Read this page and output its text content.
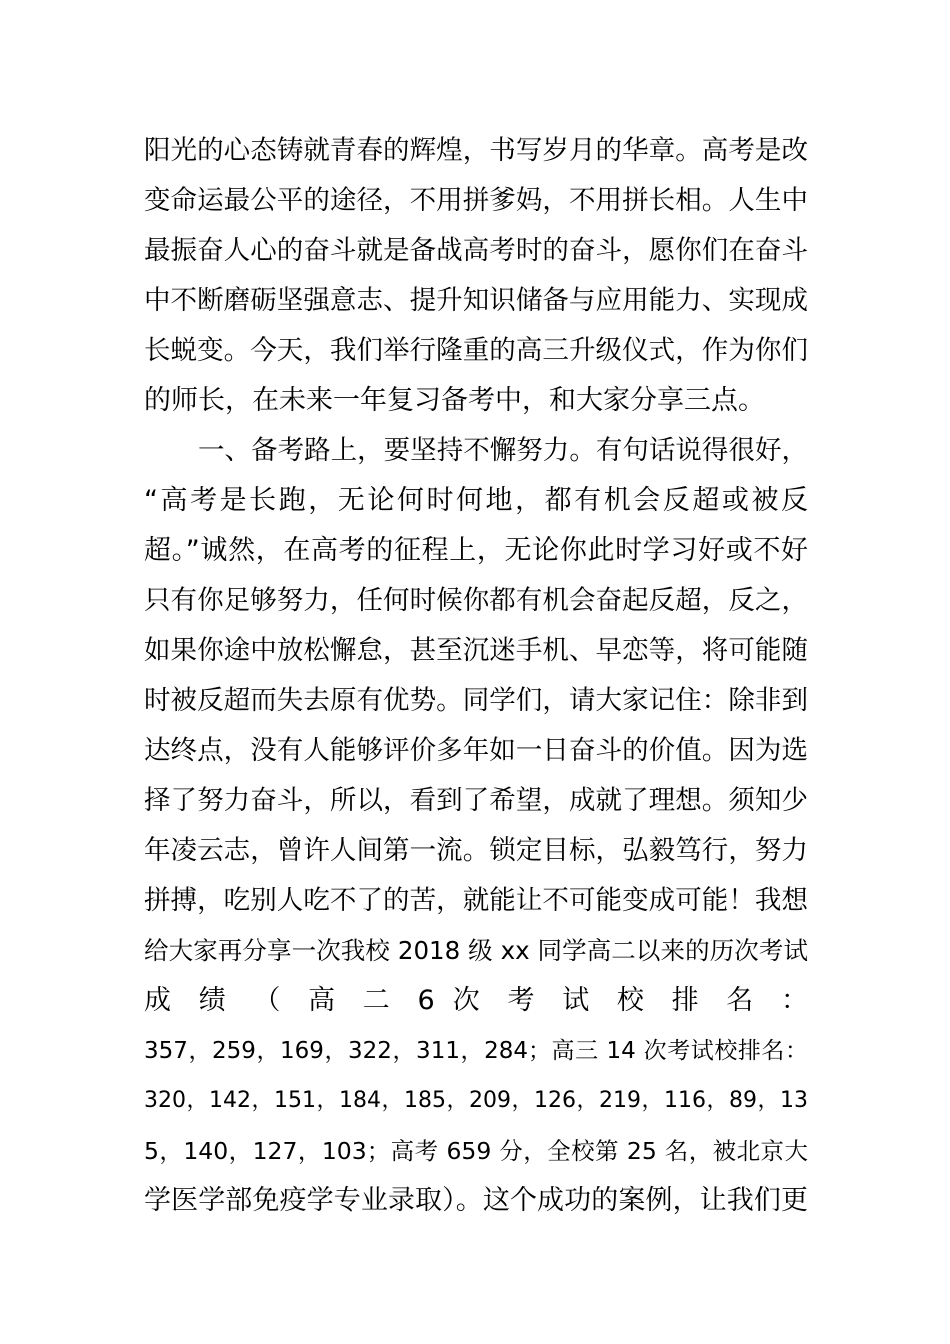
阳光的心态铸就青春的辉煌，书写岁月的华章。高考是改
变命运最公平的途径，不用拼爹妈，不用拼长相。人生中
最振奋人心的奋斗就是备战高考时的奋斗，愿你们在奋斗
中不断磨砺坚强意志、提升知识储备与应用能力、实现成
长蜕变。今天，我们举行隆重的高三升级仪式，作为你们
的师长，在未来一年复习备考中，和大家分享三点。
一、备考路上，要坚持不懈努力。有句话说得很好，
“高考是长跑，无论何时何地，都有机会反超或被反
超。”诚然，在高考的征程上，无论你此时学习好或不好
只有你足够努力，任何时候你都有机会奋起反超，反之，
如果你途中放松懈怠，甚至沉迷手机、早恋等，将可能随
时被反超而失去原有优势。同学们，请大家记住：除非到
达终点，没有人能够评价多年如一日奋斗的价值。因为选
择了努力奋斗，所以，看到了希望，成就了理想。须知少
年凌云志，曾许人间第一流。锁定目标，弘毅笃行，努力
拼搏，吃别人吃不了的苦，就能让不可能变成可能！我想
给大家再分享一次我校 2018 级 xx 同学高二以来的历次考试
成 绩 （ 高 二 6 次 考 试 校 排 名 ：
357，259，169，322，311，284；高三 14 次考试校排名：
320，142，151，184，185，209，126，219，116，89，13
5，140，127，103；高考 659 分，全校第 25 名，被北京大
学医学部免疫学专业录取）。这个成功的案例，让我们更
